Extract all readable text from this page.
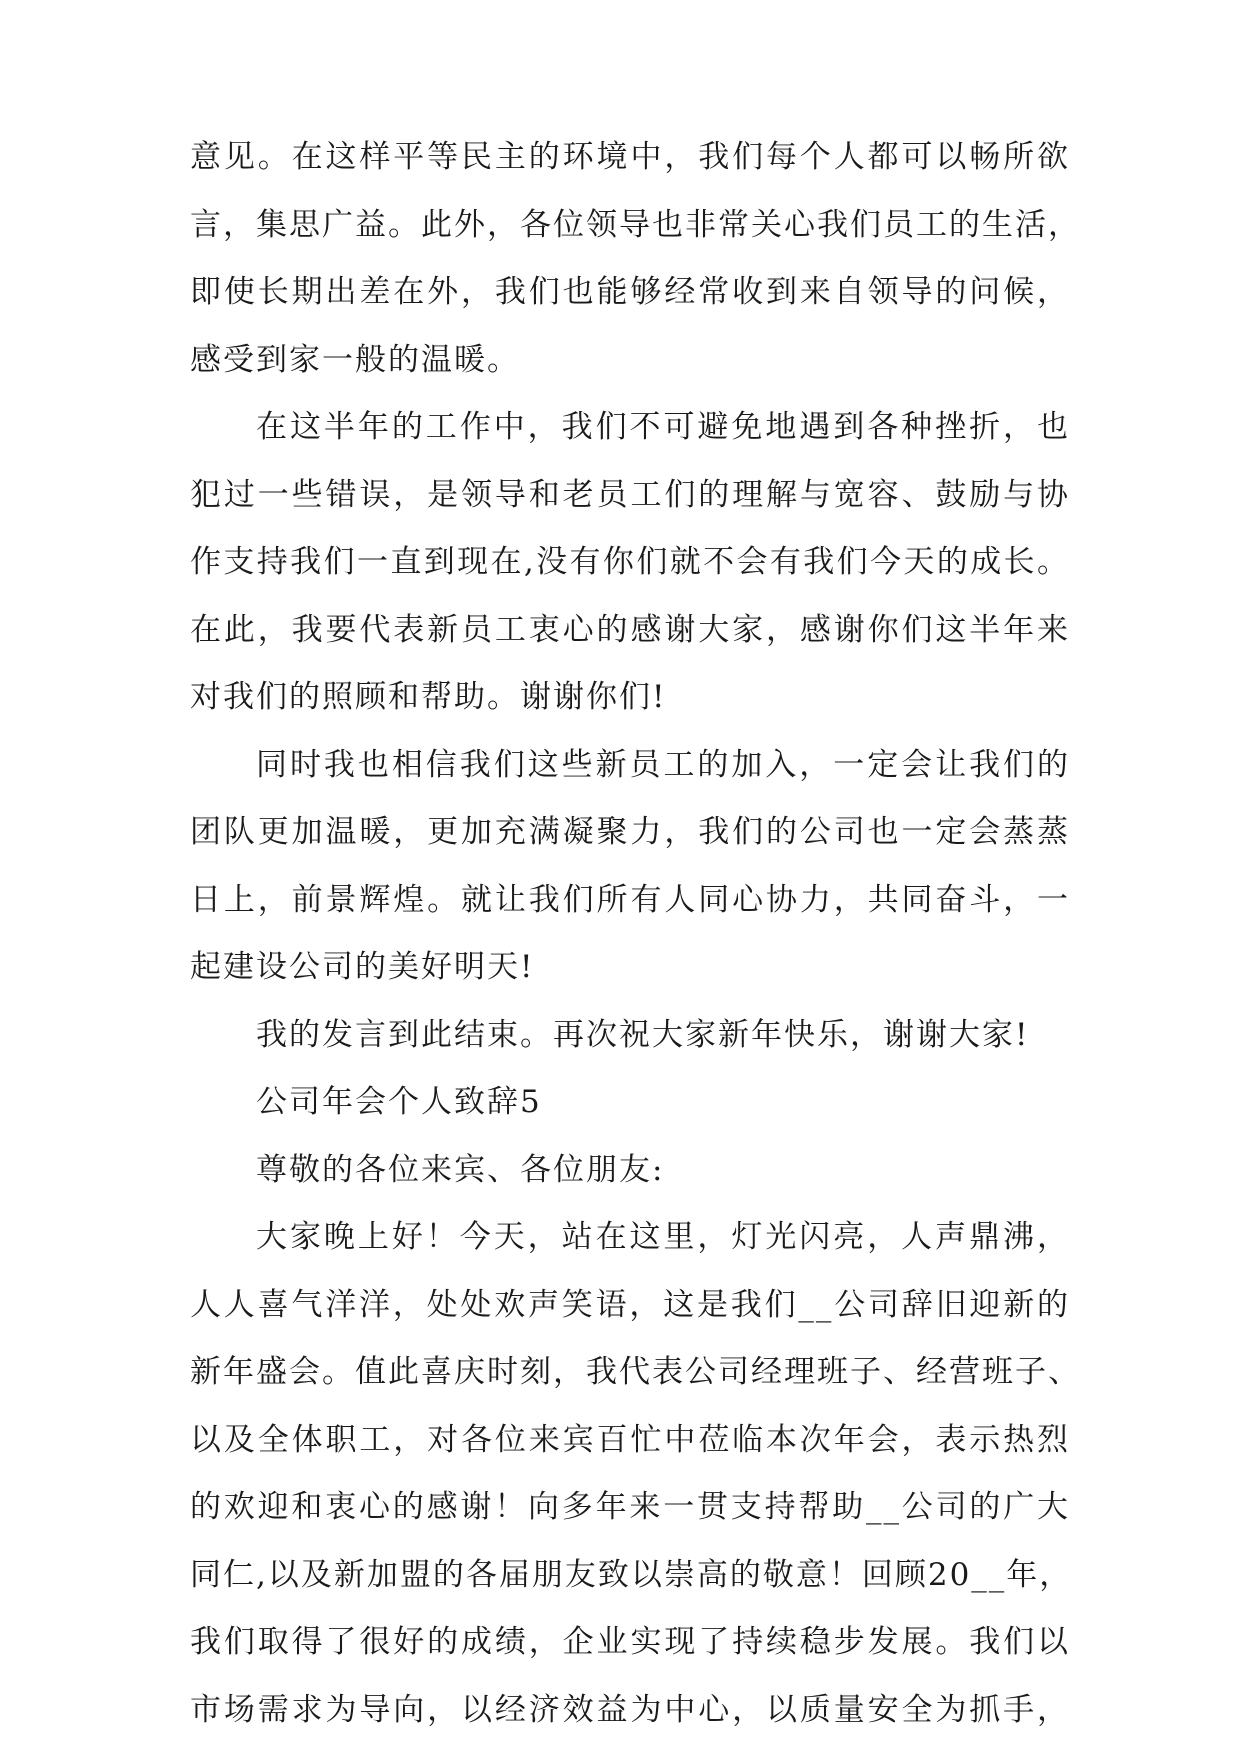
意见。在这样平等民主的环境中，我们每个人都可以畅所欲
言，集思广益。此外，各位领导也非常关心我们员工的生活，
即使长期出差在外，我们也能够经常收到来自领导的问候，
感受到家一般的温暖。
在这半年的工作中，我们不可避免地遇到各种挫折，也
犯过一些错误，是领导和老员工们的理解与宽容、鼓励与协
作支持我们一直到现在,没有你们就不会有我们今天的成长。
在此，我要代表新员工衷心的感谢大家，感谢你们这半年来
对我们的照顾和帮助。谢谢你们!
同时我也相信我们这些新员工的加入，一定会让我们的
团队更加温暖，更加充满凝聚力，我们的公司也一定会蒸蒸
日上，前景辉煌。就让我们所有人同心协力，共同奋斗，一
起建设公司的美好明天!
我的发言到此结束。再次祝大家新年快乐，谢谢大家!
公司年会个人致辞5
尊敬的各位来宾、各位朋友:
大家晚上好！今天，站在这里，灯光闪亮，人声鼎沸，
人人喜气洋洋，处处欢声笑语，这是我们__公司辞旧迎新的
新年盛会。值此喜庆时刻，我代表公司经理班子、经营班子、
以及全体职工，对各位来宾百忙中莅临本次年会，表示热烈
的欢迎和衷心的感谢！向多年来一贯支持帮助__公司的广大
同仁,以及新加盟的各届朋友致以崇高的敬意！回顾20__年，
我们取得了很好的成绩，企业实现了持续稳步发展。我们以
市场需求为导向，以经济效益为中心，以质量安全为抓手，
